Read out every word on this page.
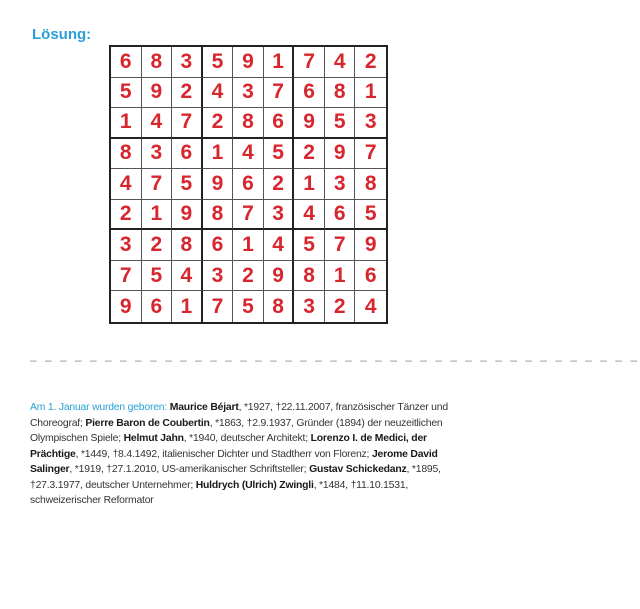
Lösung:
6 8 3 5 9 1 7 4 2
5 9 2 4 3 7 6 8 1
1 4 7 2 8 6 9 5 3
8 3 6 1 4 5 2 9 7
4 7 5 9 6 2 1 3 8
2 1 9 8 7 3 4 6 5
3 2 8 6 1 4 5 7 9
7 5 4 3 2 9 8 1 6
9 6 1 7 5 8 3 2 4
– – – – – – – – – – – – – – – – – – – – – – – – – – – – – – – – – – – – – – – – –
Am 1. Januar wurden geboren: Maurice Béjart, *1927, †22.11.2007, französischer Tänzer und Choreograf; Pierre Baron de Coubertin, *1863, †2.9.1937, Gründer (1894) der neuzeitlichen Olympischen Spiele; Helmut Jahn, *1940, deutscher Architekt; Lorenzo I. de Medici, der Prächtige, *1449, †8.4.1492, italienischer Dichter und Stadtherr von Florenz; Jerome David Salinger, *1919, †27.1.2010, US-amerikanischer Schriftsteller; Gustav Schickedanz, *1895, †27.3.1977, deutscher Unternehmer; Huldrych (Ulrich) Zwingli, *1484, †11.10.1531, schweizerischer Reformator
